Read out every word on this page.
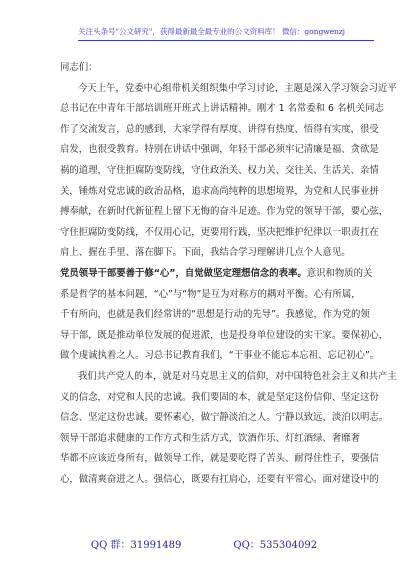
关注头条号"公文研究"，获得最新最全最专业的公文资料库！ 微信：gongwenzj
同志们：
今天上午，党委中心组带机关组织集中学习讨论，主题是深入学习领会习近平
总书记在中青年干部培训班开班式上讲话精神。刚才 1 名常委和 6 名机关同志
作了交流发言，总的感到，大家学得有厚度、讲得有热度、悟得有实度，很受
启发，也很受教育。特别在讲话中强调，年轻干部必须牢记清廉是福、贪欲是
祸的道理，守住拒腐防变防线，守住政治关、权力关、交往关、生活关、亲情
关，锤炼对党忠诚的政治品格，追求高尚纯粹的思想境界，为党和人民事业拼
搏奉献，在新时代新征程上留下无悔的奋斗足迹。作为党的领导干部，要心弦，
守住拒腐防变防线，不仅用心记，更要用行践，坚决把维护纪律以一职责扛在
肩上、握在手里、落在脚下。下面，我结合学习理解讲几点个人意见。
党员领导干部要善于修“心”，自觉做坚定理想信念的表率。意识和物质的关
系是哲学的基本问题，“心”与“物”是互为对称方的耦对平衡。心有所属，
千有所向，也就是我们经常讲的“思想是行动的先导”。我感觉，作为党的领
导干部，既是推动单位发展的促进派，也是投身单位建设的实干家。要保初心，
做个虔诚执着之人。习总书记教育我们，“干事业不能忘本忘祖、忘记初心”。
我们共产党人的本，就是对马克思主义的信仰，对中国特色社会主义和共产主
义的信念，对党和人民的忠诚。我们要固的本，就是坚定这份信仰、坚定这份
信念、坚定这份忠诚。要怀素心，做宁静淡泊之人。宁静以致远，淡泊以明志。
领导干部追求健康的工作方式和生活方式，饮酒作乐、灯红酒绿、奢靡奢
华都不应该近身所有，做领导工作，就是要吃得了苦头、耐得住性子，要强信
心，做清爽奋进之人。强信心，既要有扛肩心，还要有平常心。面对建设中的
QQ 群：31991489	QQ：535304092
